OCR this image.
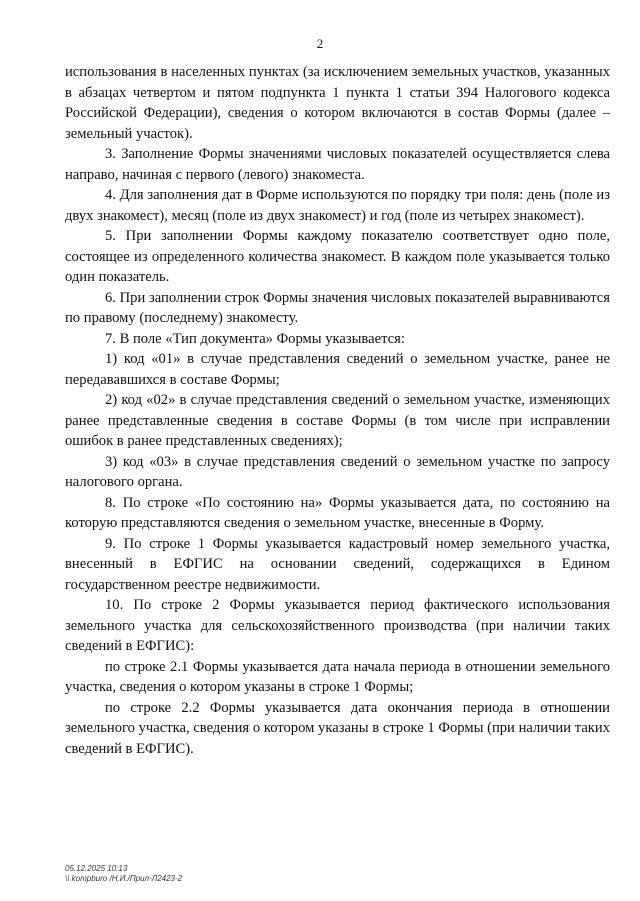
2

использования в населенных пунктах (за исключением земельных участков, указанных в абзацах четвертом и пятом подпункта 1 пункта 1 статьи 394 Налогового кодекса Российской Федерации), сведения о котором включаются в состав Формы (далее – земельный участок).

3. Заполнение Формы значениями числовых показателей осуществляется слева направо, начиная с первого (левого) знакоместа.

4. Для заполнения дат в Форме используются по порядку три поля: день (поле из двух знакомест), месяц (поле из двух знакомест) и год (поле из четырех знакомест).

5. При заполнении Формы каждому показателю соответствует одно поле, состоящее из определенного количества знакомест. В каждом поле указывается только один показатель.

6. При заполнении строк Формы значения числовых показателей выравниваются по правому (последнему) знакоместу.

7. В поле «Тип документа» Формы указывается:

1) код «01» в случае представления сведений о земельном участке, ранее не передававшихся в составе Формы;

2) код «02» в случае представления сведений о земельном участке, изменяющих ранее представленные сведения в составе Формы (в том числе при исправлении ошибок в ранее представленных сведениях);

3) код «03» в случае представления сведений о земельном участке по запросу налогового органа.

8. По строке «По состоянию на» Формы указывается дата, по состоянию на которую представляются сведения о земельном участке, внесенные в Форму.

9. По строке 1 Формы указывается кадастровый номер земельного участка, внесенный в ЕФГИС на основании сведений, содержащихся в Едином государственном реестре недвижимости.

10. По строке 2 Формы указывается период фактического использования земельного участка для сельскохозяйственного производства (при наличии таких сведений в ЕФГИС):

по строке 2.1 Формы указывается дата начала периода в отношении земельного участка, сведения о котором указаны в строке 1 Формы;

по строке 2.2 Формы указывается дата окончания периода в отношении земельного участка, сведения о котором указаны в строке 1 Формы (при наличии таких сведений в ЕФГИС).

05.12.2025 10:13
\\ kompburo /Н.И./Прил-Л2423-2
